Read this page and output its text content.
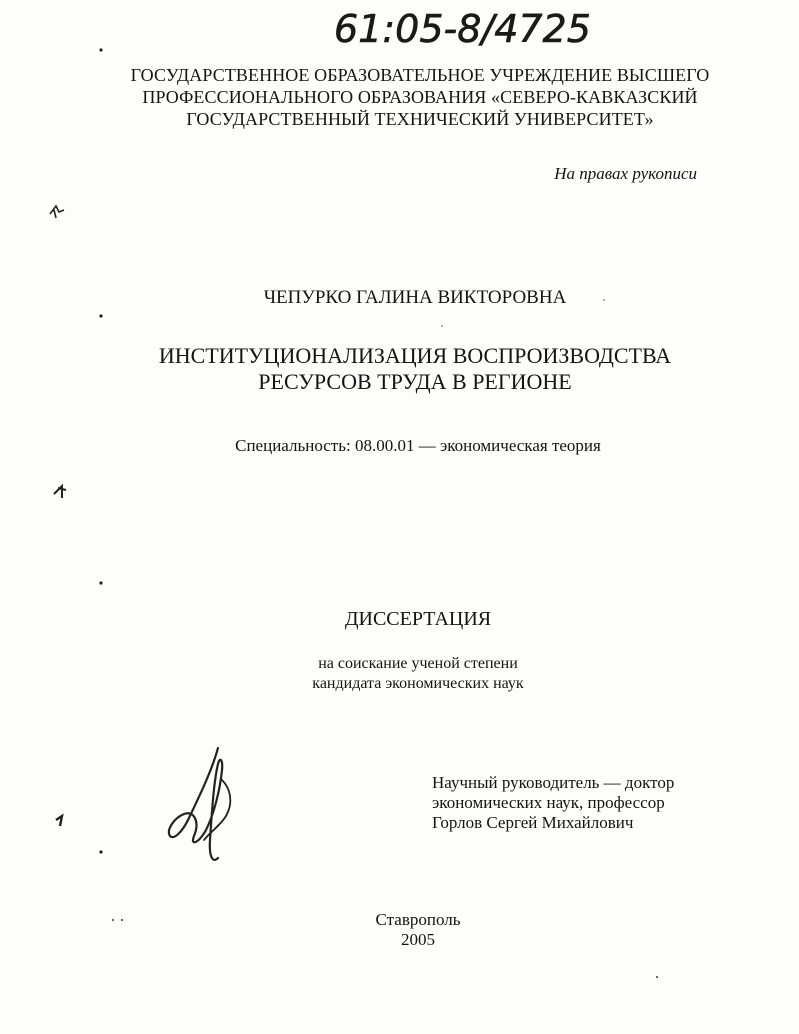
61:05-8/4725
ГОСУДАРСТВЕННОЕ ОБРАЗОВАТЕЛЬНОЕ УЧРЕЖДЕНИЕ ВЫСШЕГО
ПРОФЕССИОНАЛЬНОГО ОБРАЗОВАНИЯ «СЕВЕРО-КАВКАЗСКИЙ
ГОСУДАРСТВЕННЫЙ ТЕХНИЧЕСКИЙ УНИВЕРСИТЕТ»
На правах рукописи
ЧЕПУРКО ГАЛИНА ВИКТОРОВНА
ИНСТИТУЦИОНАЛИЗАЦИЯ ВОСПРОИЗВОДСТВА
РЕСУРСОВ ТРУДА В РЕГИОНЕ
Специальность: 08.00.01 — экономическая теория
ДИССЕРТАЦИЯ
на соискание ученой степени
кандидата экономических наук
Научный руководитель — доктор
экономических наук, профессор
Горлов Сергей Михайлович
Ставрополь
2005
